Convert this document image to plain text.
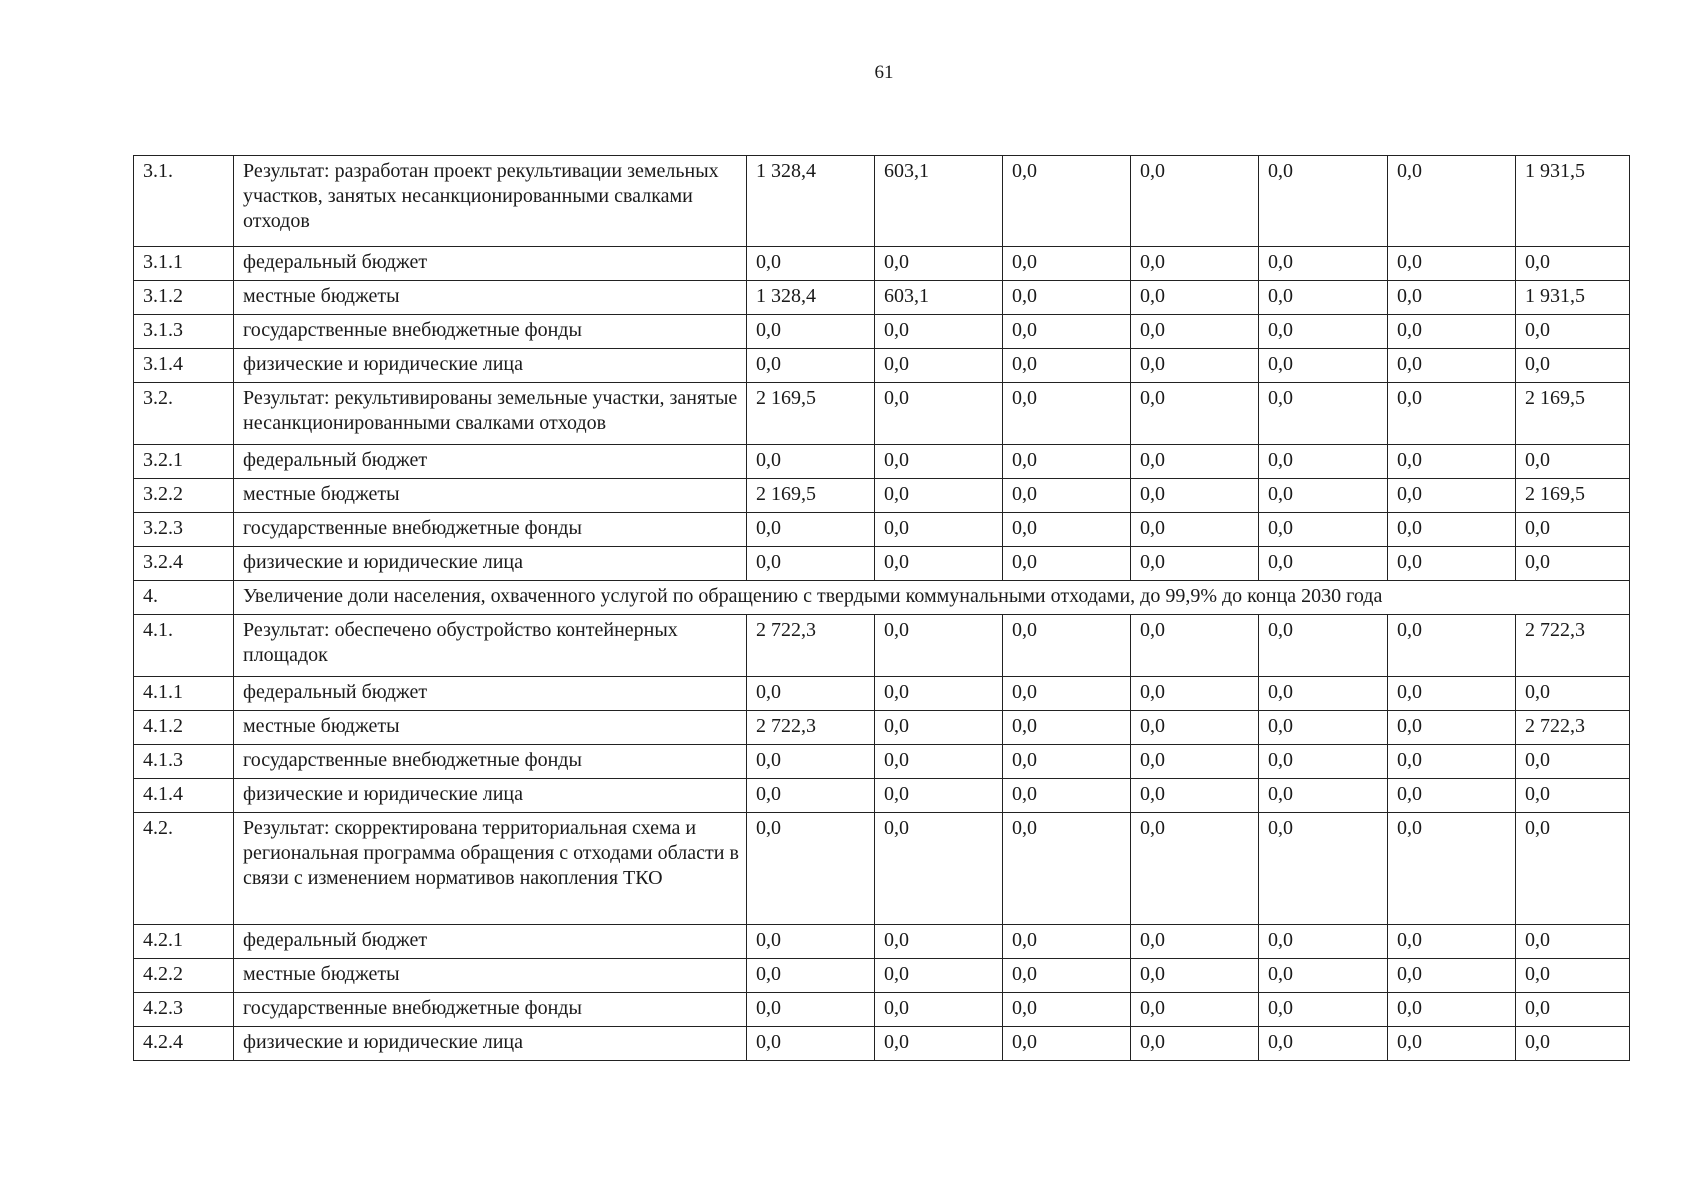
61
3.1.	Результат: разработан проект рекультивации земельных участков, занятых несанкционированными свалками отходов	1 328,4	603,1	0,0	0,0	0,0	0,0	1 931,5
3.1.1	федеральный бюджет	0,0	0,0	0,0	0,0	0,0	0,0	0,0
3.1.2	местные бюджеты	1 328,4	603,1	0,0	0,0	0,0	0,0	1 931,5
3.1.3	государственные внебюджетные фонды	0,0	0,0	0,0	0,0	0,0	0,0	0,0
3.1.4	физические и юридические лица	0,0	0,0	0,0	0,0	0,0	0,0	0,0
3.2.	Результат: рекультивированы земельные участки, занятые несанкционированными свалками отходов	2 169,5	0,0	0,0	0,0	0,0	0,0	2 169,5
3.2.1	федеральный бюджет	0,0	0,0	0,0	0,0	0,0	0,0	0,0
3.2.2	местные бюджеты	2 169,5	0,0	0,0	0,0	0,0	0,0	2 169,5
3.2.3	государственные внебюджетные фонды	0,0	0,0	0,0	0,0	0,0	0,0	0,0
3.2.4	физические и юридические лица	0,0	0,0	0,0	0,0	0,0	0,0	0,0
4.	Увеличение доли населения, охваченного услугой по обращению с твердыми коммунальными отходами, до 99,9% до конца 2030 года							
4.1.	Результат: обеспечено обустройство контейнерных площадок	2 722,3	0,0	0,0	0,0	0,0	0,0	2 722,3
4.1.1	федеральный бюджет	0,0	0,0	0,0	0,0	0,0	0,0	0,0
4.1.2	местные бюджеты	2 722,3	0,0	0,0	0,0	0,0	0,0	2 722,3
4.1.3	государственные внебюджетные фонды	0,0	0,0	0,0	0,0	0,0	0,0	0,0
4.1.4	физические и юридические лица	0,0	0,0	0,0	0,0	0,0	0,0	0,0
4.2.	Результат: скорректирована территориальная схема и региональная программа обращения с отходами области в связи с изменением нормативов накопления ТКО	0,0	0,0	0,0	0,0	0,0	0,0	0,0
4.2.1	федеральный бюджет	0,0	0,0	0,0	0,0	0,0	0,0	0,0
4.2.2	местные бюджеты	0,0	0,0	0,0	0,0	0,0	0,0	0,0
4.2.3	государственные внебюджетные фонды	0,0	0,0	0,0	0,0	0,0	0,0	0,0
4.2.4	физические и юридические лица	0,0	0,0	0,0	0,0	0,0	0,0	0,0
